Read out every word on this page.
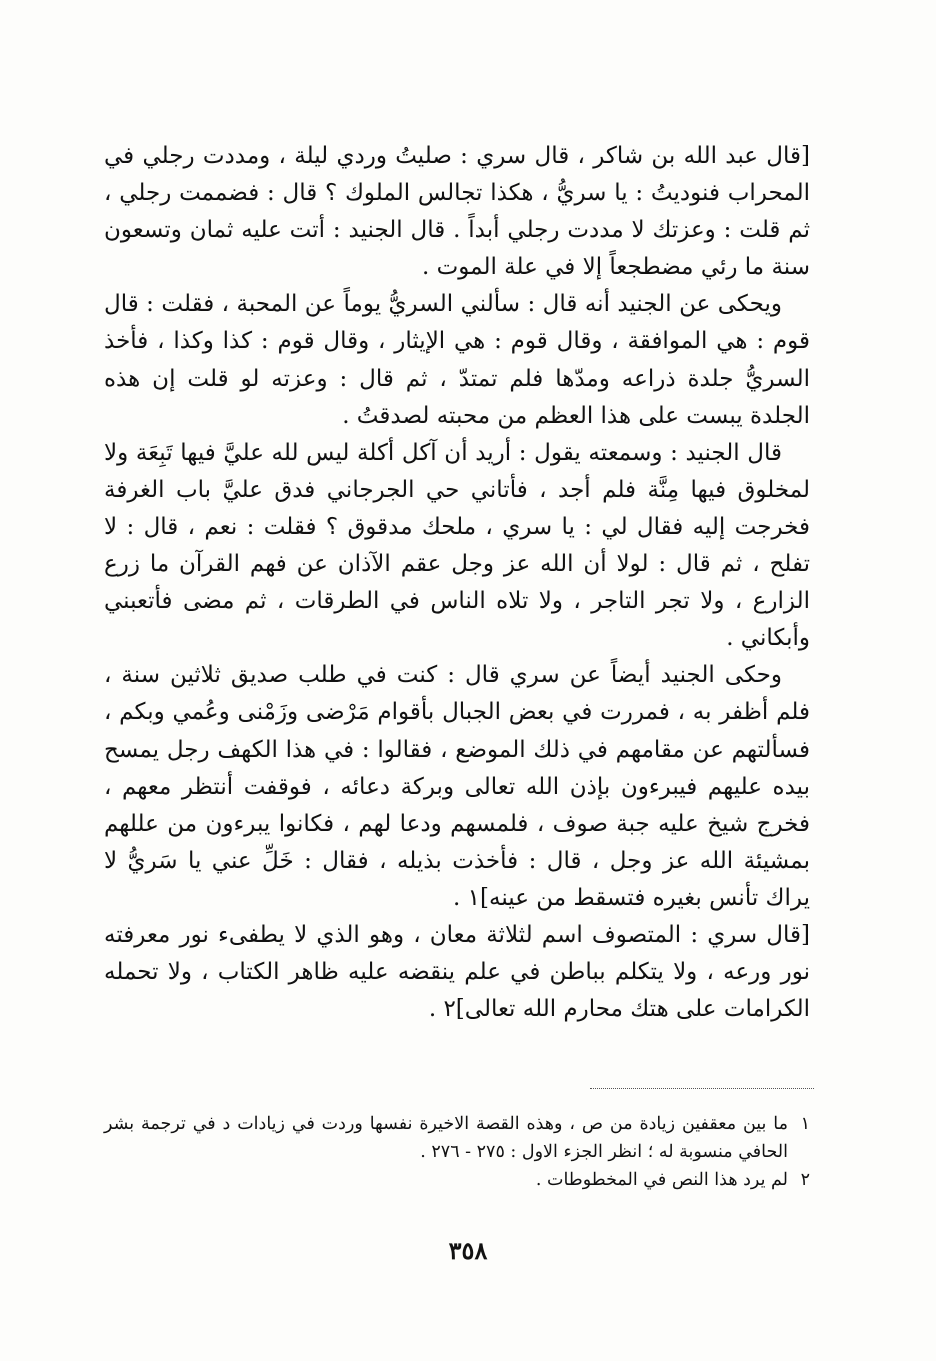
[قال عبد الله بن شاكر ، قال سري : صليتُ وردي ليلة ، ومددت رجلي في المحراب فنوديتُ : يا سريُّ ، هكذا تجالس الملوك ؟ قال : فضممت رجلي ، ثم قلت : وعزتك لا مددت رجلي أبداً . قال الجنيد : أتت عليه ثمان وتسعون سنة ما رئي مضطجعاً إلا في علة الموت .

ويحكى عن الجنيد أنه قال : سألني السريُّ يوماً عن المحبة ، فقلت : قال قوم : هي الموافقة ، وقال قوم : هي الإيثار ، وقال قوم : كذا وكذا ، فأخذ السريُّ جلدة ذراعه ومدّها فلم تمتدّ ، ثم قال : وعزته لو قلت إن هذه الجلدة يبست على هذا العظم من محبته لصدقتُ .

قال الجنيد : وسمعته يقول : أريد أن آكل أكلة ليس لله عليَّ فيها تَبِعَة ولا لمخلوق فيها مِنَّة فلم أجد ، فأتاني حي الجرجاني فدق عليَّ باب الغرفة فخرجت إليه فقال لي : يا سري ، ملحك مدقوق ؟ فقلت : نعم ، قال : لا تفلح ، ثم قال : لولا أن الله عز وجل عقم الآذان عن فهم القرآن ما زرع الزارع ، ولا تجر التاجر ، ولا تلاه الناس في الطرقات ، ثم مضى فأتعبني وأبكاني .

وحكى الجنيد أيضاً عن سري قال : كنت في طلب صديق ثلاثين سنة ، فلم أظفر به ، فمررت في بعض الجبال بأقوام مَرْضى وزَمْنى وعُمي وبكم ، فسألتهم عن مقامهم في ذلك الموضع ، فقالوا : في هذا الكهف رجل يمسح بيده عليهم فيبرءون بإذن الله تعالى وبركة دعائه ، فوقفت أنتظر معهم ، فخرج شيخ عليه جبة صوف ، فلمسهم ودعا لهم ، فكانوا يبرءون من عللهم بمشيئة الله عز وجل ، قال : فأخذت بذيله ، فقال : خَلِّ عني يا سَريُّ لا يراك تأنس بغيره فتسقط من عينه]١ .

[قال سري : المتصوف اسم لثلاثة معان ، وهو الذي لا يطفىء نور معرفته نور ورعه ، ولا يتكلم بباطن في علم ينقضه عليه ظاهر الكتاب ، ولا تحمله الكرامات على هتك محارم الله تعالى]٢ .

١
ما بين معقفين زيادة من ص ، وهذه القصة الاخيرة نفسها وردت في زيادات د في ترجمة بشر الحافي منسوبة له ؛ انظر الجزء الاول : ٢٧٥ - ٢٧٦ .
٢
لم يرد هذا النص في المخطوطات .
٣٥٨
